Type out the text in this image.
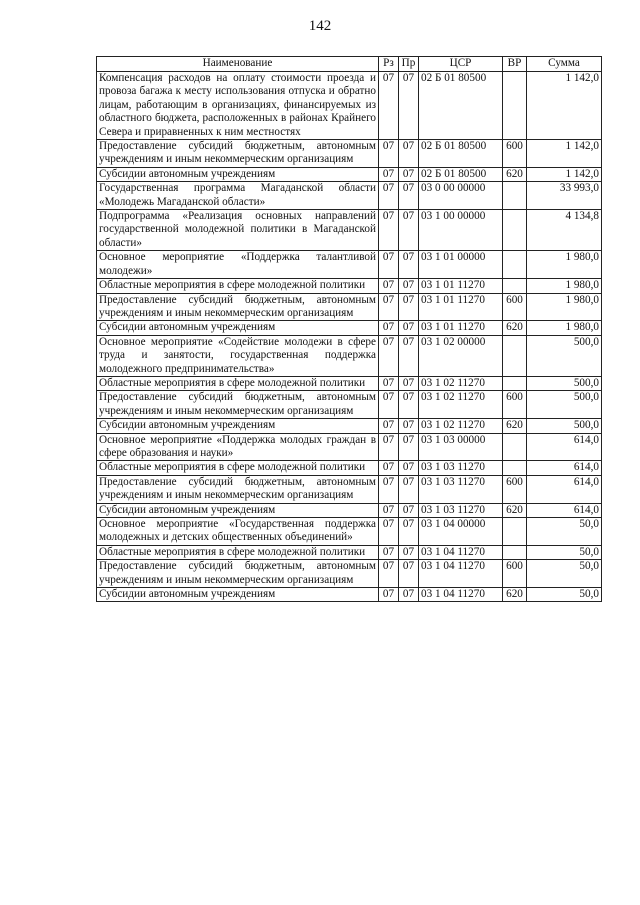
142
Наименование	Рз	Пр	ЦСР	ВР	Сумма
Компенсация расходов на оплату стоимости проезда и провоза багажа к месту использования отпуска и обратно лицам, работающим в организациях, финансируемых из областного бюджета, расположенных в районах Крайнего Севера и приравненных к ним местностях	07	07	02 Б 01 80500		1 142,0
Предоставление субсидий бюджетным, автономным учреждениям и иным некоммерческим организациям	07	07	02 Б 01 80500	600	1 142,0
Субсидии автономным учреждениям	07	07	02 Б 01 80500	620	1 142,0
Государственная программа Магаданской области «Молодежь Магаданской области»	07	07	03 0 00 00000		33 993,0
Подпрограмма «Реализация основных направлений государственной молодежной политики в Магаданской области»	07	07	03 1 00 00000		4 134,8
Основное мероприятие «Поддержка талантливой молодежи»	07	07	03 1 01 00000		1 980,0
Областные мероприятия в сфере молодежной политики	07	07	03 1 01 11270		1 980,0
Предоставление субсидий бюджетным, автономным учреждениям и иным некоммерческим организациям	07	07	03 1 01 11270	600	1 980,0
Субсидии автономным учреждениям	07	07	03 1 01 11270	620	1 980,0
Основное мероприятие «Содействие молодежи в сфере труда и занятости, государственная поддержка молодежного предпринимательства»	07	07	03 1 02 00000		500,0
Областные мероприятия в сфере молодежной политики	07	07	03 1 02 11270		500,0
Предоставление субсидий бюджетным, автономным учреждениям и иным некоммерческим организациям	07	07	03 1 02 11270	600	500,0
Субсидии автономным учреждениям	07	07	03 1 02 11270	620	500,0
Основное мероприятие «Поддержка молодых граждан в сфере образования и науки»	07	07	03 1 03 00000		614,0
Областные мероприятия в сфере молодежной политики	07	07	03 1 03 11270		614,0
Предоставление субсидий бюджетным, автономным учреждениям и иным некоммерческим организациям	07	07	03 1 03 11270	600	614,0
Субсидии автономным учреждениям	07	07	03 1 03 11270	620	614,0
Основное мероприятие «Государственная поддержка молодежных и детских общественных объединений»	07	07	03 1 04 00000		50,0
Областные мероприятия в сфере молодежной политики	07	07	03 1 04 11270		50,0
Предоставление субсидий бюджетным, автономным учреждениям и иным некоммерческим организациям	07	07	03 1 04 11270	600	50,0
Субсидии автономным учреждениям	07	07	03 1 04 11270	620	50,0
